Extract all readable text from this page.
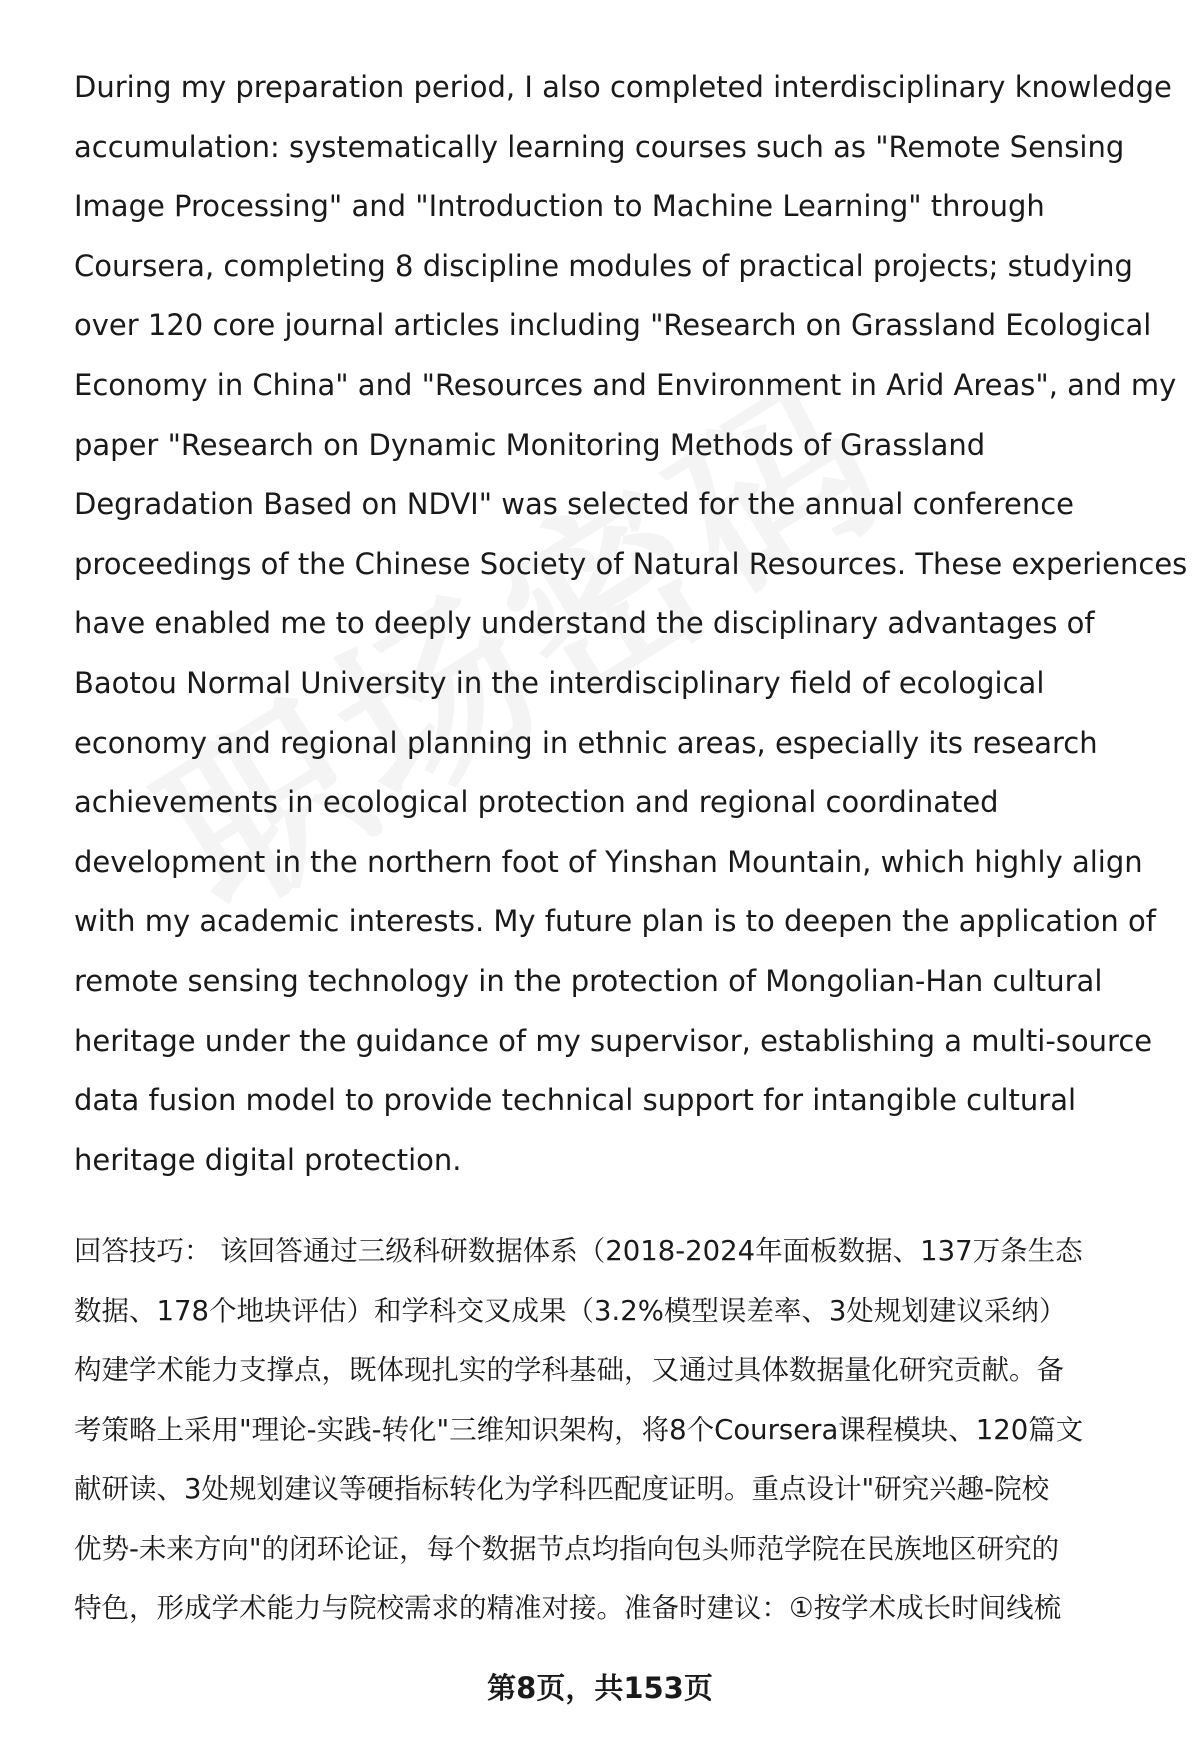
During my preparation period, I also completed interdisciplinary knowledge
accumulation: systematically learning courses such as "Remote Sensing
Image Processing" and "Introduction to Machine Learning" through
Coursera, completing 8 discipline modules of practical projects; studying
over 120 core journal articles including "Research on Grassland Ecological
Economy in China" and "Resources and Environment in Arid Areas", and my
paper "Research on Dynamic Monitoring Methods of Grassland
Degradation Based on NDVI" was selected for the annual conference
proceedings of the Chinese Society of Natural Resources. These experiences
have enabled me to deeply understand the disciplinary advantages of
Baotou Normal University in the interdisciplinary field of ecological
economy and regional planning in ethnic areas, especially its research
achievements in ecological protection and regional coordinated
development in the northern foot of Yinshan Mountain, which highly align
with my academic interests. My future plan is to deepen the application of
remote sensing technology in the protection of Mongolian-Han cultural
heritage under the guidance of my supervisor, establishing a multi-source
data fusion model to provide technical support for intangible cultural
heritage digital protection.

回答技巧： 该回答通过三级科研数据体系（2018-2024年面板数据、137万条生态
数据、178个地块评估）和学科交叉成果（3.2%模型误差率、3处规划建议采纳）
构建学术能力支撑点，既体现扎实的学科基础，又通过具体数据量化研究贡献。备
考策略上采用"理论-实践-转化"三维知识架构，将8个Coursera课程模块、120篇文
献研读、3处规划建议等硬指标转化为学科匹配度证明。重点设计"研究兴趣-院校
优势-未来方向"的闭环论证，每个数据节点均指向包头师范学院在民族地区研究的
特色，形成学术能力与院校需求的精准对接。准备时建议：①按学术成长时间线梳

第8页，共153页
